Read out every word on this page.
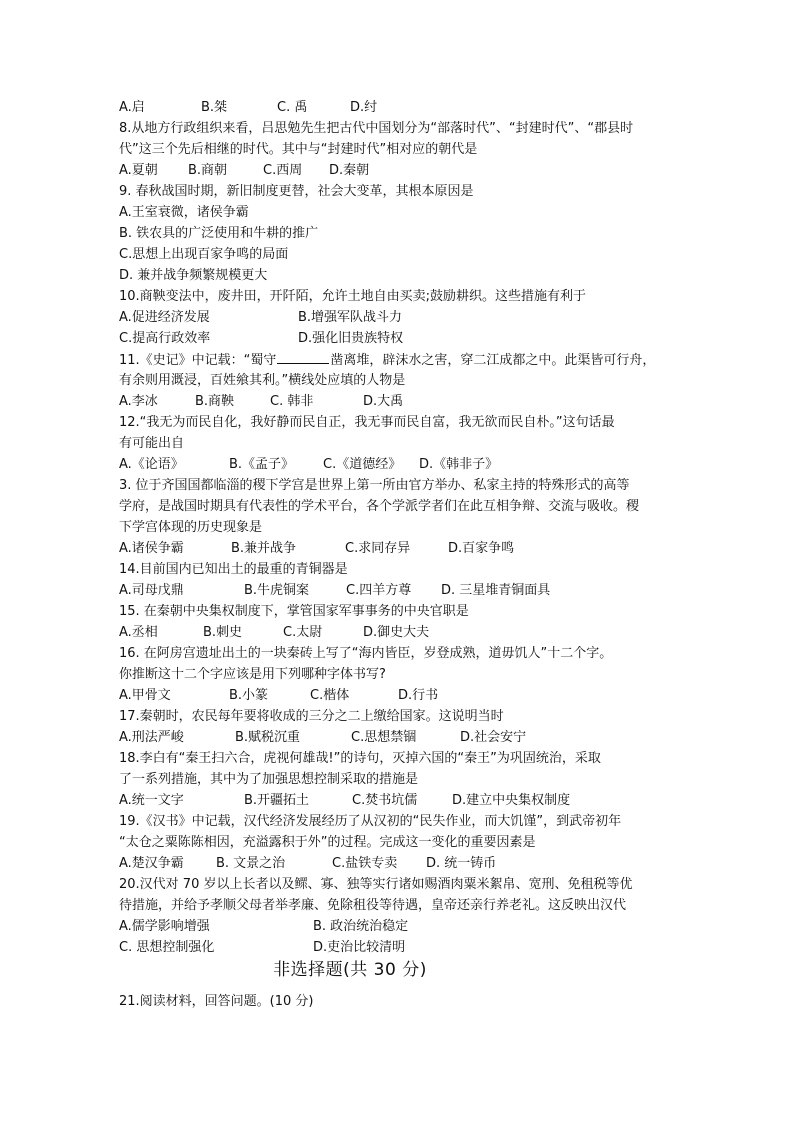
A.启	B.桀	C. 禹	D.纣
8.从地方行政组织来看，吕思勉先生把古代中国划分为“部落时代”、“封建时代”、“郡县时
代”这三个先后相继的时代。其中与“封建时代”相对应的朝代是
A.夏朝 B.商朝	C.西周 D.秦朝
9. 春秋战国时期，新旧制度更替，社会大变革，其根本原因是
A.王室衰微，诸侯争霸
B. 铁农具的广泛使用和牛耕的推广
C.思想上出现百家争鸣的局面
D. 兼并战争频繁规模更大
10.商鞅变法中，废井田，开阡陌，允许土地自由买卖;鼓励耕织。这些措施有利于
A.促进经济发展	B.增强军队战斗力
C.提高行政效率	D.强化旧贵族特权
11.《史记》中记载：“蜀守	凿离堆，辟沫水之害，穿二江成都之中。此渠皆可行舟，
有余则用溉浸，百姓飨其利。”横线处应填的人物是
A.李冰	B.商鞅	C. 韩非	D.大禹
12.“我无为而民自化，我好静而民自正，我无事而民自富，我无欲而民自朴。”这句话最
有可能出自
A.《论语》	B.《孟子》 C.《道德经》 D.《韩非子》
3. 位于齐国国都临淄的稷下学宫是世界上第一所由官方举办、私家主持的特殊形式的高等
学府，是战国时期具有代表性的学术平台，各个学派学者们在此互相争辩、交流与吸收。稷
下学宫体现的历史现象是
A.诸侯争霸	B.兼并战争	C.求同存异	D.百家争鸣
14.目前国内已知出土的最重的青铜器是
A.司母戊鼎	B.牛虎铜案	C.四羊方尊 D. 三星堆青铜面具
15. 在秦朝中央集权制度下，掌管国家军事事务的中央官职是
A.丞相	B.刺史	C.太尉	D.御史大夫
16. 在阿房宫遗址出土的一块秦砖上写了“海内皆臣，岁登成熟，道毋饥人”十二个字。
你推断这十二个字应该是用下列哪种字体书写?
A.甲骨文	B.小篆	C.楷体	D.行书
17.秦朝时，农民每年要将收成的三分之二上缴给国家。这说明当时
A.刑法严峻	B.赋税沉重	C.思想禁锢	D.社会安宁
18.李白有“秦王扫六合，虎视何雄哉!”的诗句，灭掉六国的“秦王”为巩固统治，采取
了一系列措施，其中为了加强思想控制采取的措施是
A.统一文字	B.开疆拓土	C.焚书坑儒	D.建立中央集权制度
19.《汉书》中记载，汉代经济发展经历了从汉初的“民失作业，而大饥馑”，到武帝初年
“太仓之粟陈陈相因，充溢露积于外”的过程。完成这一变化的重要因素是
A.楚汉争霸 B. 文景之治	C.盐铁专卖 D. 统一铸币
20.汉代对 70 岁以上长者以及鳏、寡、独等实行诸如赐酒肉粟米絮帛、宽刑、免租税等优
待措施，并给予孝顺父母者举孝廉、免除租役等待遇，皇帝还亲行养老礼。这反映出汉代
A.儒学影响增强	B. 政治统治稳定
C. 思想控制强化	D.吏治比较清明
非选择题(共 30 分)
21.阅读材料，回答问题。(10 分)
